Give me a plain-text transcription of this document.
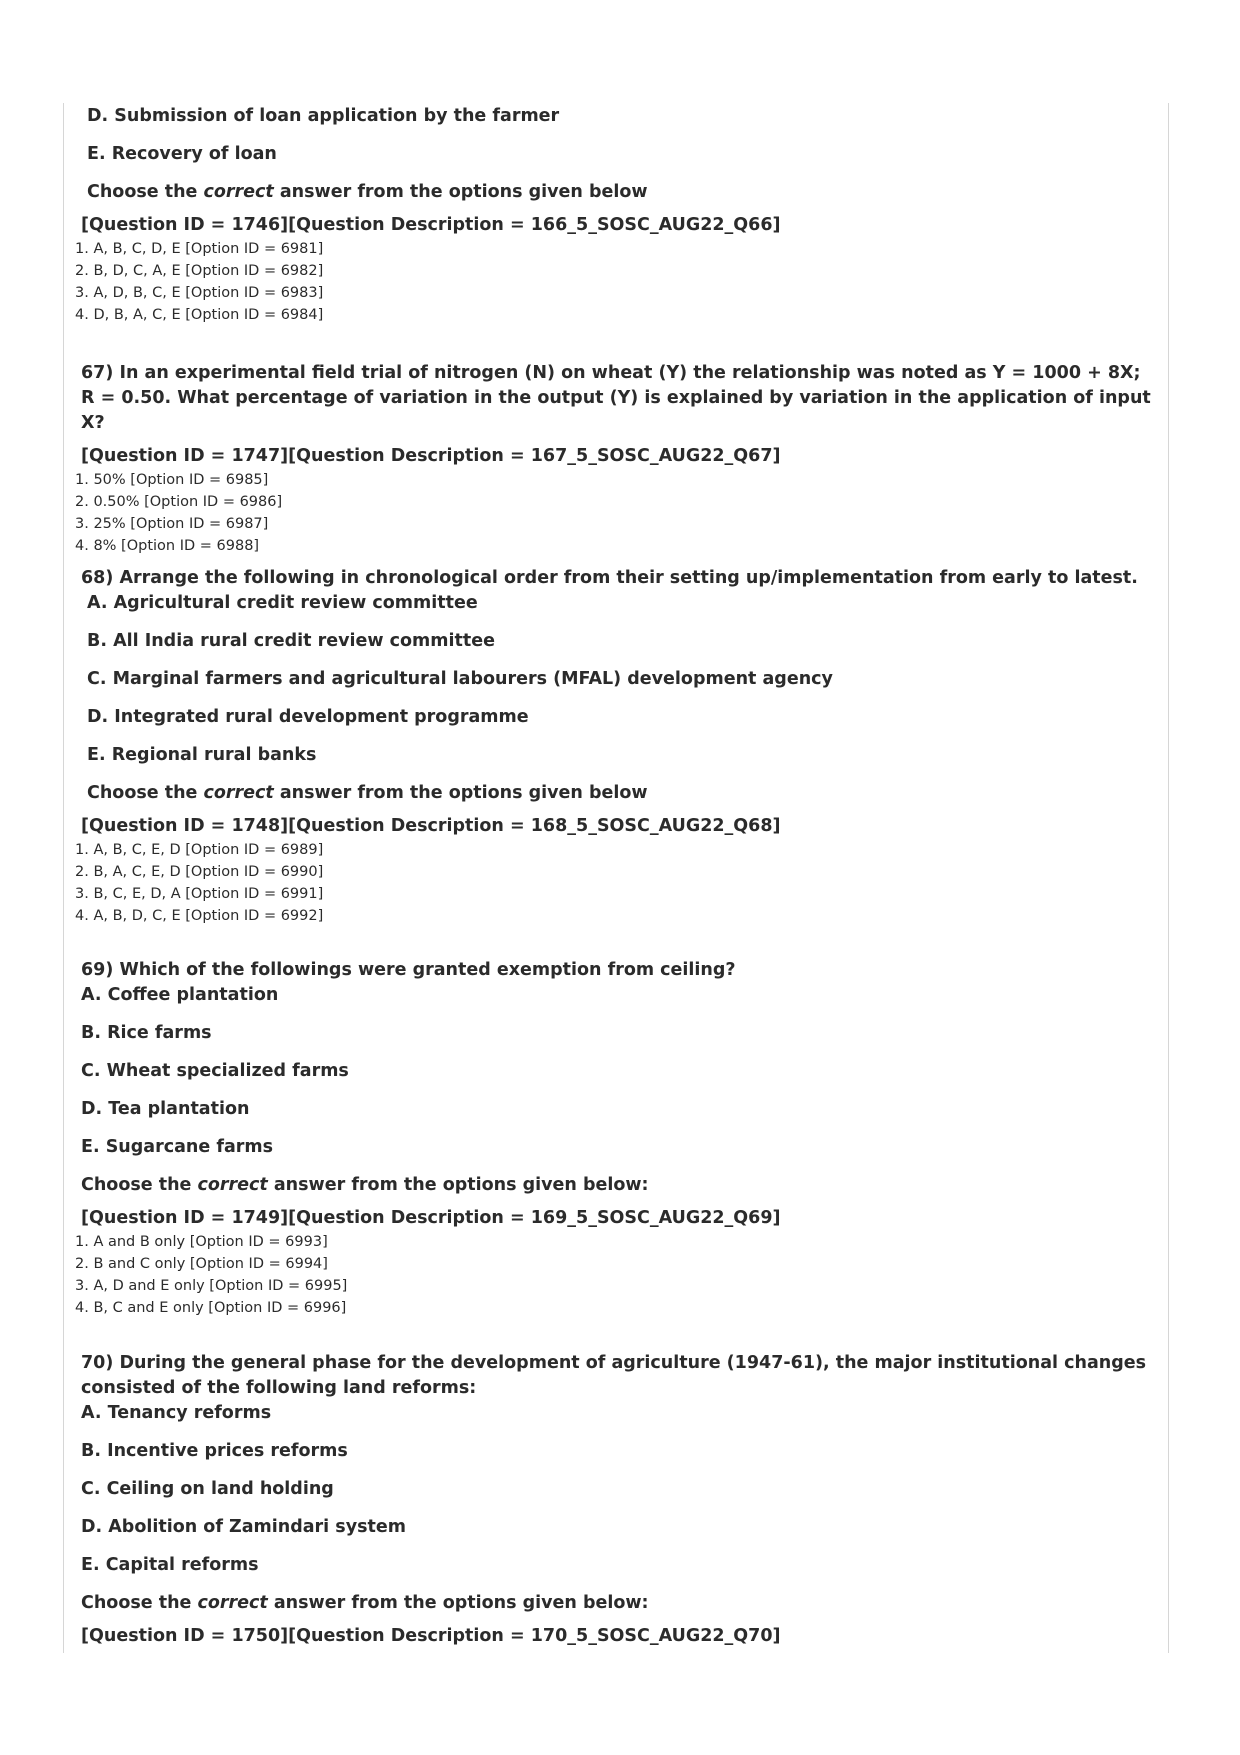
D. Submission of loan application by the farmer

E. Recovery of loan

Choose the correct answer from the options given below

[Question ID = 1746][Question Description = 166_5_SOSC_AUG22_Q66]

1. A, B, C, D, E [Option ID = 6981]
2. B, D, C, A, E [Option ID = 6982]
3. A, D, B, C, E [Option ID = 6983]
4. D, B, A, C, E [Option ID = 6984]

67) In an experimental field trial of nitrogen (N) on wheat (Y) the relationship was noted as Y = 1000 + 8X; R = 0.50. What percentage of variation in the output (Y) is explained by variation in the application of input X?

[Question ID = 1747][Question Description = 167_5_SOSC_AUG22_Q67]

1. 50% [Option ID = 6985]
2. 0.50% [Option ID = 6986]
3. 25% [Option ID = 6987]
4. 8% [Option ID = 6988]

68) Arrange the following in chronological order from their setting up/implementation from early to latest.

A. Agricultural credit review committee

B. All India rural credit review committee

C. Marginal farmers and agricultural labourers (MFAL) development agency

D. Integrated rural development programme

E. Regional rural banks

Choose the correct answer from the options given below

[Question ID = 1748][Question Description = 168_5_SOSC_AUG22_Q68]

1. A, B, C, E, D [Option ID = 6989]
2. B, A, C, E, D [Option ID = 6990]
3. B, C, E, D, A [Option ID = 6991]
4. A, B, D, C, E [Option ID = 6992]

69) Which of the followings were granted exemption from ceiling?

A. Coffee plantation

B. Rice farms

C. Wheat specialized farms

D. Tea plantation

E. Sugarcane farms

Choose the correct answer from the options given below:

[Question ID = 1749][Question Description = 169_5_SOSC_AUG22_Q69]

1. A and B only [Option ID = 6993]
2. B and C only [Option ID = 6994]
3. A, D and E only [Option ID = 6995]
4. B, C and E only [Option ID = 6996]

70) During the general phase for the development of agriculture (1947-61), the major institutional changes consisted of the following land reforms:

A. Tenancy reforms

B. Incentive prices reforms

C. Ceiling on land holding

D. Abolition of Zamindari system

E. Capital reforms

Choose the correct answer from the options given below:

[Question ID = 1750][Question Description = 170_5_SOSC_AUG22_Q70]
